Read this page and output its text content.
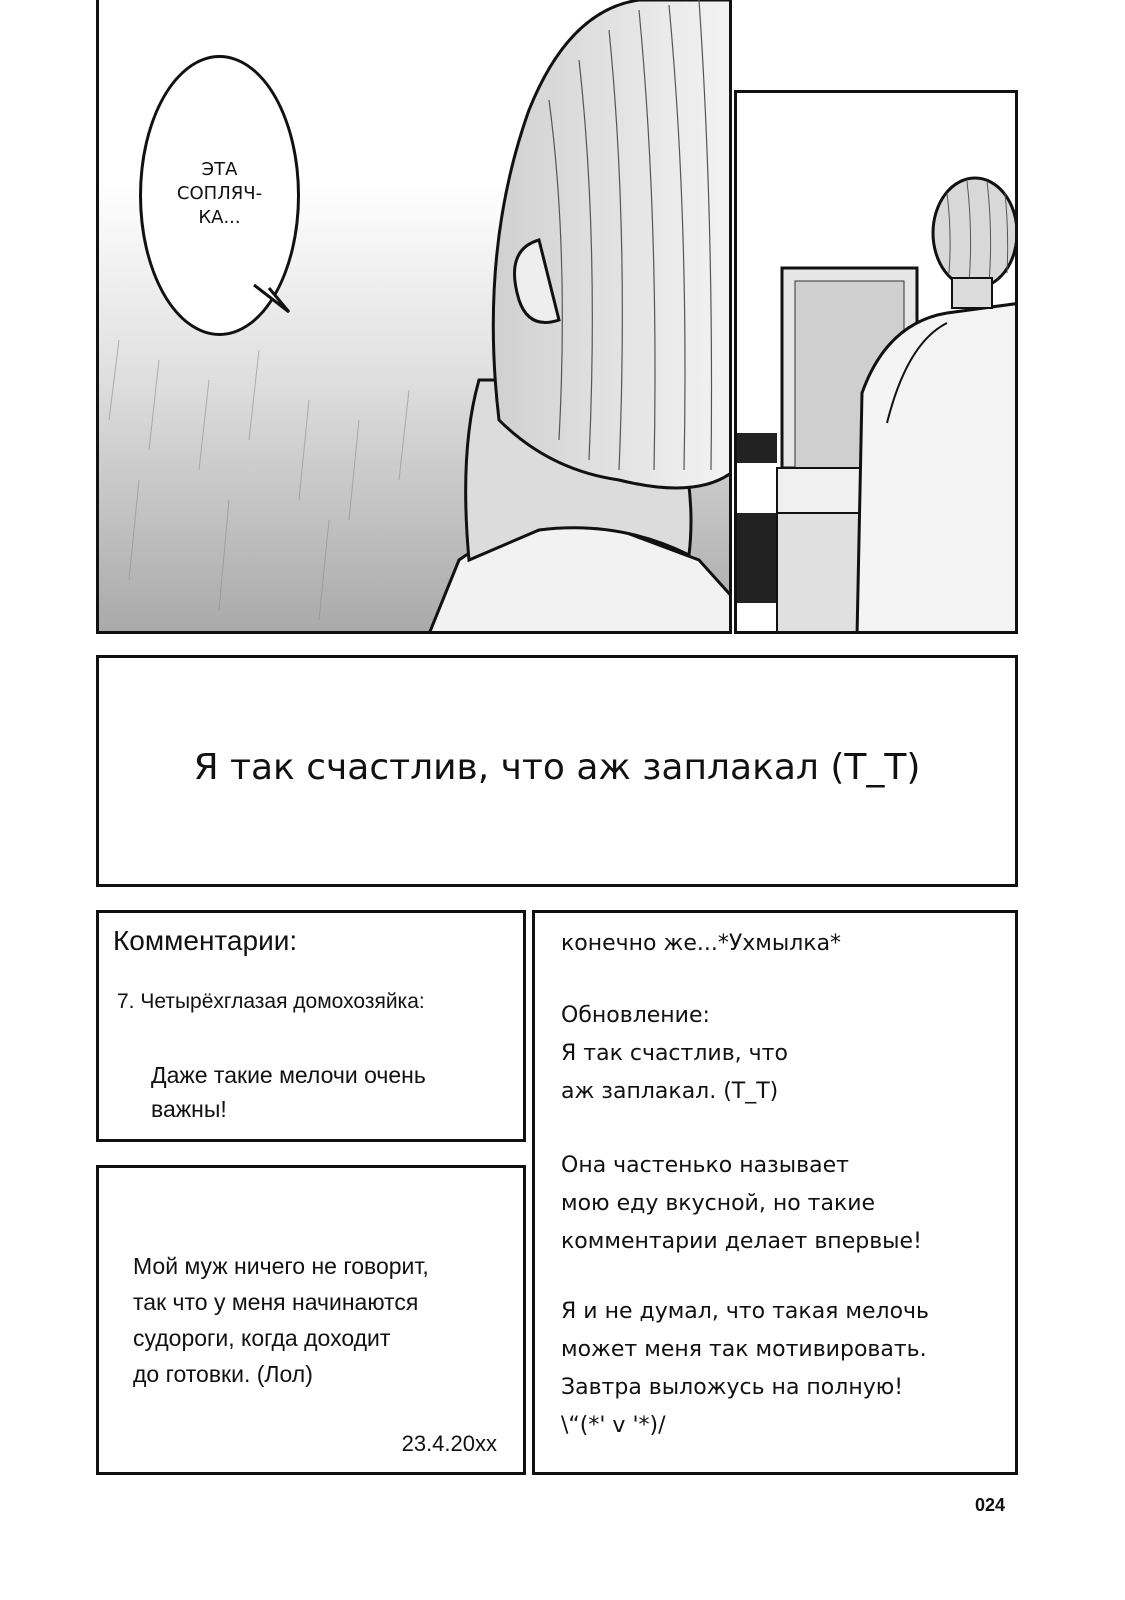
ЭТА
СОПЛЯЧ-
КА...
Я так счастлив, что аж заплакал (T_T)
Комментарии:
7. Четырёхглазая домохозяйка:
Даже такие мелочи очень
важны!
Мой муж ничего не говорит,
так что у меня начинаются
судороги, когда доходит
до готовки. (Лол)
23.4.20xx
конечно же...*Ухмылка*
Обновление:
Я так счастлив, что
аж заплакал. (T_T)
Она частенько называет
мою еду вкусной, но такие
комментарии делает впервые!
Я и не думал, что такая мелочь
может меня так мотивировать.
Завтра выложусь на полную!
\“(*' v '*)/
024
